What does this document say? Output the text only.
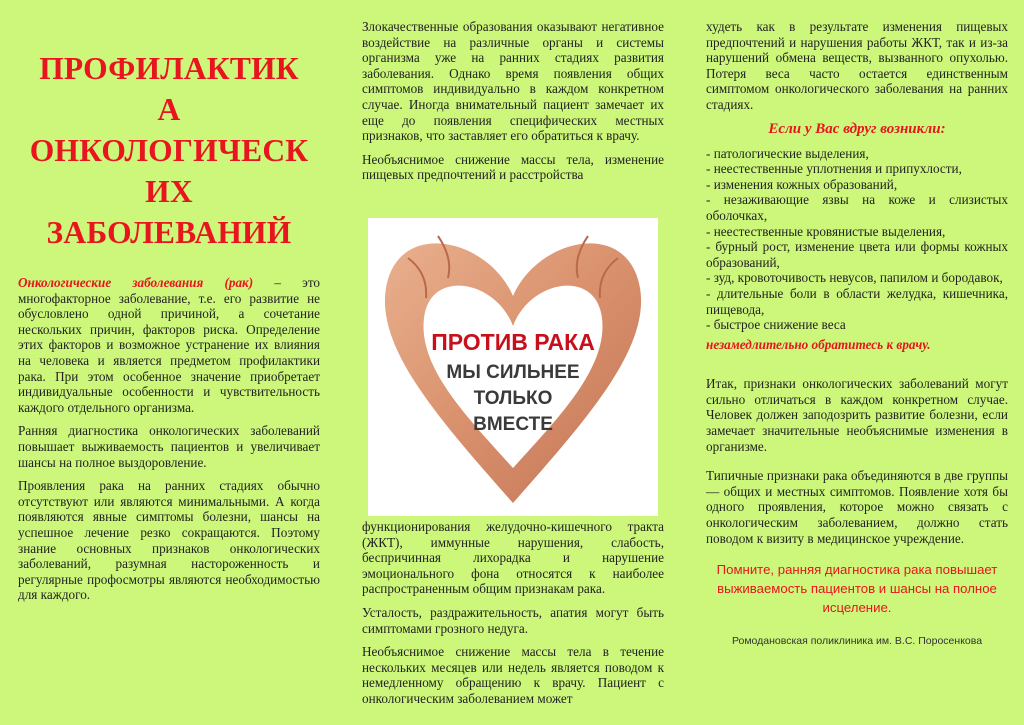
ПРОФИЛАКТИК
А
ОНКОЛОГИЧЕСК
ИХ
ЗАБОЛЕВАНИЙ

Онкологические заболевания (рак) – это многофакторное заболевание, т.е. его развитие не обусловлено одной причиной, а сочетание нескольких причин, факторов риска. Определение этих факторов и возможное устранение их влияния на человека и является предметом профилактики рака. При этом особенное значение приобретает индивидуальные особенности и чувствительность каждого отдельного организма.

Ранняя диагностика онкологических заболеваний повышает выживаемость пациентов и увеличивает шансы на полное выздоровление.

Проявления рака на ранних стадиях обычно отсутствуют или являются минимальными. А когда появляются явные симптомы болезни, шансы на успешное лечение резко сокращаются. Поэтому знание основных признаков онкологических заболеваний, разумная настороженность и регулярные профосмотры являются необходимостью для каждого.

Злокачественные образования оказывают негативное воздействие на различные органы и системы организма уже на ранних стадиях развития заболевания. Однако время появления общих симптомов индивидуально в каждом конкретном случае. Иногда внимательный пациент замечает их еще до появления специфических местных признаков, что заставляет его обратиться к врачу.

Необъяснимое снижение массы тела, изменение пищевых предпочтений и расстройства

ПРОТИВ РАКА
МЫ СИЛЬНЕЕ
ТОЛЬКО
ВМЕСТЕ

функционирования желудочно-кишечного тракта (ЖКТ), иммунные нарушения, слабость, беспричинная лихорадка и нарушение эмоционального фона относятся к наиболее распространенным общим признакам рака.

Усталость, раздражительность, апатия могут быть симптомами грозного недуга.

Необъяснимое снижение массы тела в течение нескольких месяцев или недель является поводом к немедленному обращению к врачу. Пациент с онкологическим заболеванием может

худеть как в результате изменения пищевых предпочтений и нарушения работы ЖКТ, так и из-за нарушений обмена веществ, вызванного опухолью. Потеря веса часто остается единственным симптомом онкологического заболевания на ранних стадиях.

Если у Вас вдруг возникли:
- патологические выделения,
- неестественные уплотнения и припухлости,
- изменения кожных образований,
- незаживающие язвы на коже и слизистых оболочках,
- неестественные кровянистые выделения,
- бурный рост, изменение цвета или формы кожных образований,
- зуд, кровоточивость невусов, папилом и бородавок,
- длительные боли в области желудка, кишечника, пищевода,
- быстрое снижение веса

незамедлительно обратитесь к врачу.

Итак, признаки онкологических заболеваний могут сильно отличаться в каждом конкретном случае. Человек должен заподозрить развитие болезни, если замечает значительные необъяснимые изменения в организме.

Типичные признаки рака объединяются в две группы — общих и местных симптомов. Появление хотя бы одного проявления, которое можно связать с онкологическим заболеванием, должно стать поводом к визиту в медицинское учреждение.

Помните, ранняя диагностика рака повышает выживаемость пациентов и шансы на полное исцеление.

Ромодановская поликлиника им. В.С. Поросенкова
